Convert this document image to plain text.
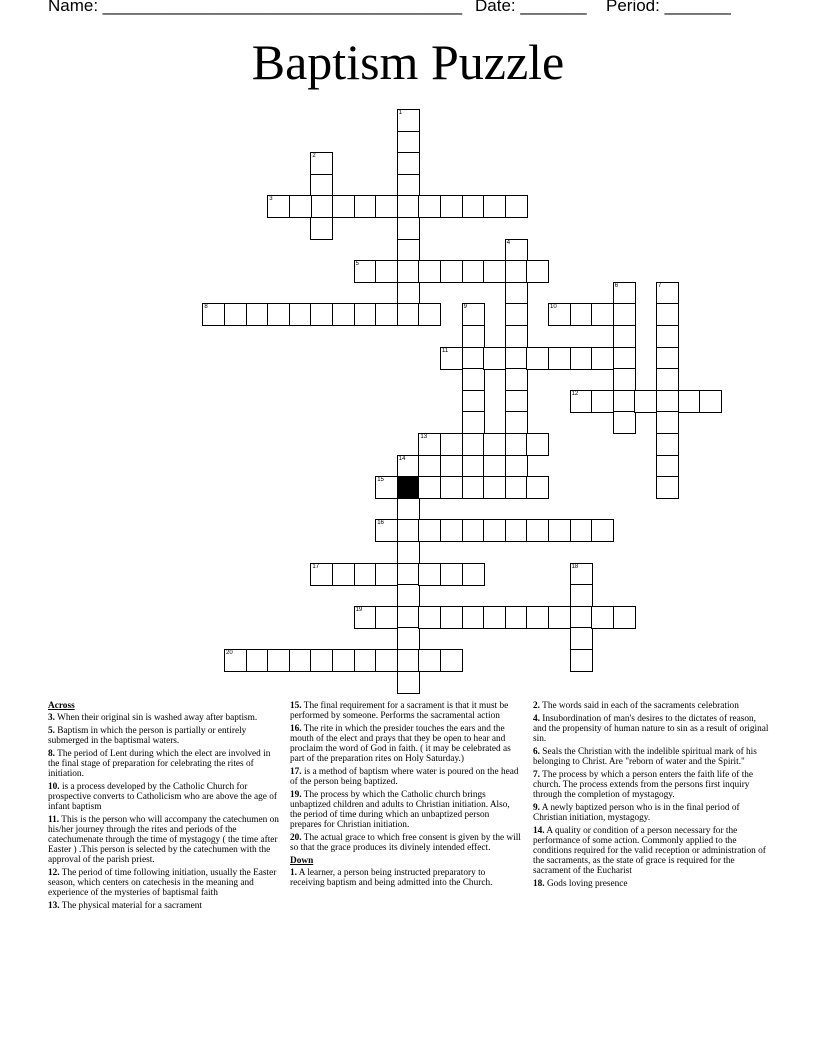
Name: ______________________________________ Date: _______ Period: _______
Baptism Puzzle
1
2
3
4
5
6	7
8	9	10
11
12
13
14
15
16
17	18
19
20
Across
3. When their original sin is washed away after baptism.
5. Baptism in which the person is partially or entirely submerged in the baptismal waters.
8. The period of Lent during which the elect are involved in the final stage of preparation for celebrating the rites of initiation.
10. is a process developed by the Catholic Church for prospective converts to Catholicism who are above the age of infant baptism
11. This is the person who will accompany the catechumen on his/her journey through the rites and periods of the catechumenate through the time of mystagogy ( the time after Easter ) .This person is selected by the catechumen with the approval of the parish priest.
12. The period of time following initiation, usually the Easter season, which centers on catechesis in the meaning and experience of the mysteries of baptismal faith
13. The physical material for a sacrament
15. The final requirement for a sacrament is that it must be performed by someone. Performs the sacramental action
16. The rite in which the presider touches the ears and the mouth of the elect and prays that they be open to hear and proclaim the word of God in faith. ( it may be celebrated as part of the preparation rites on Holy Saturday.)
17. is a method of baptism where water is poured on the head of the person being baptized.
19. The process by which the Catholic church brings unbaptized children and adults to Christian initiation. Also, the period of time during which an unbaptized person prepares for Christian initiation.
20. The actual grace to which free consent is given by the will so that the grace produces its divinely intended effect.
Down
1. A learner, a person being instructed preparatory to receiving baptism and being admitted into the Church.
2. The words said in each of the sacraments celebration
4. Insubordination of man's desires to the dictates of reason, and the propensity of human nature to sin as a result of original sin.
6. Seals the Christian with the indelible spiritual mark of his belonging to Christ. Are "reborn of water and the Spirit."
7. The process by which a person enters the faith life of the church. The process extends from the persons first inquiry through the completion of mystagogy.
9. A newly baptized person who is in the final period of Christian initiation, mystagogy.
14. A quality or condition of a person necessary for the performance of some action. Commonly applied to the conditions required for the valid reception or administration of the sacraments, as the state of grace is required for the sacrament of the Eucharist
18. Gods loving presence
